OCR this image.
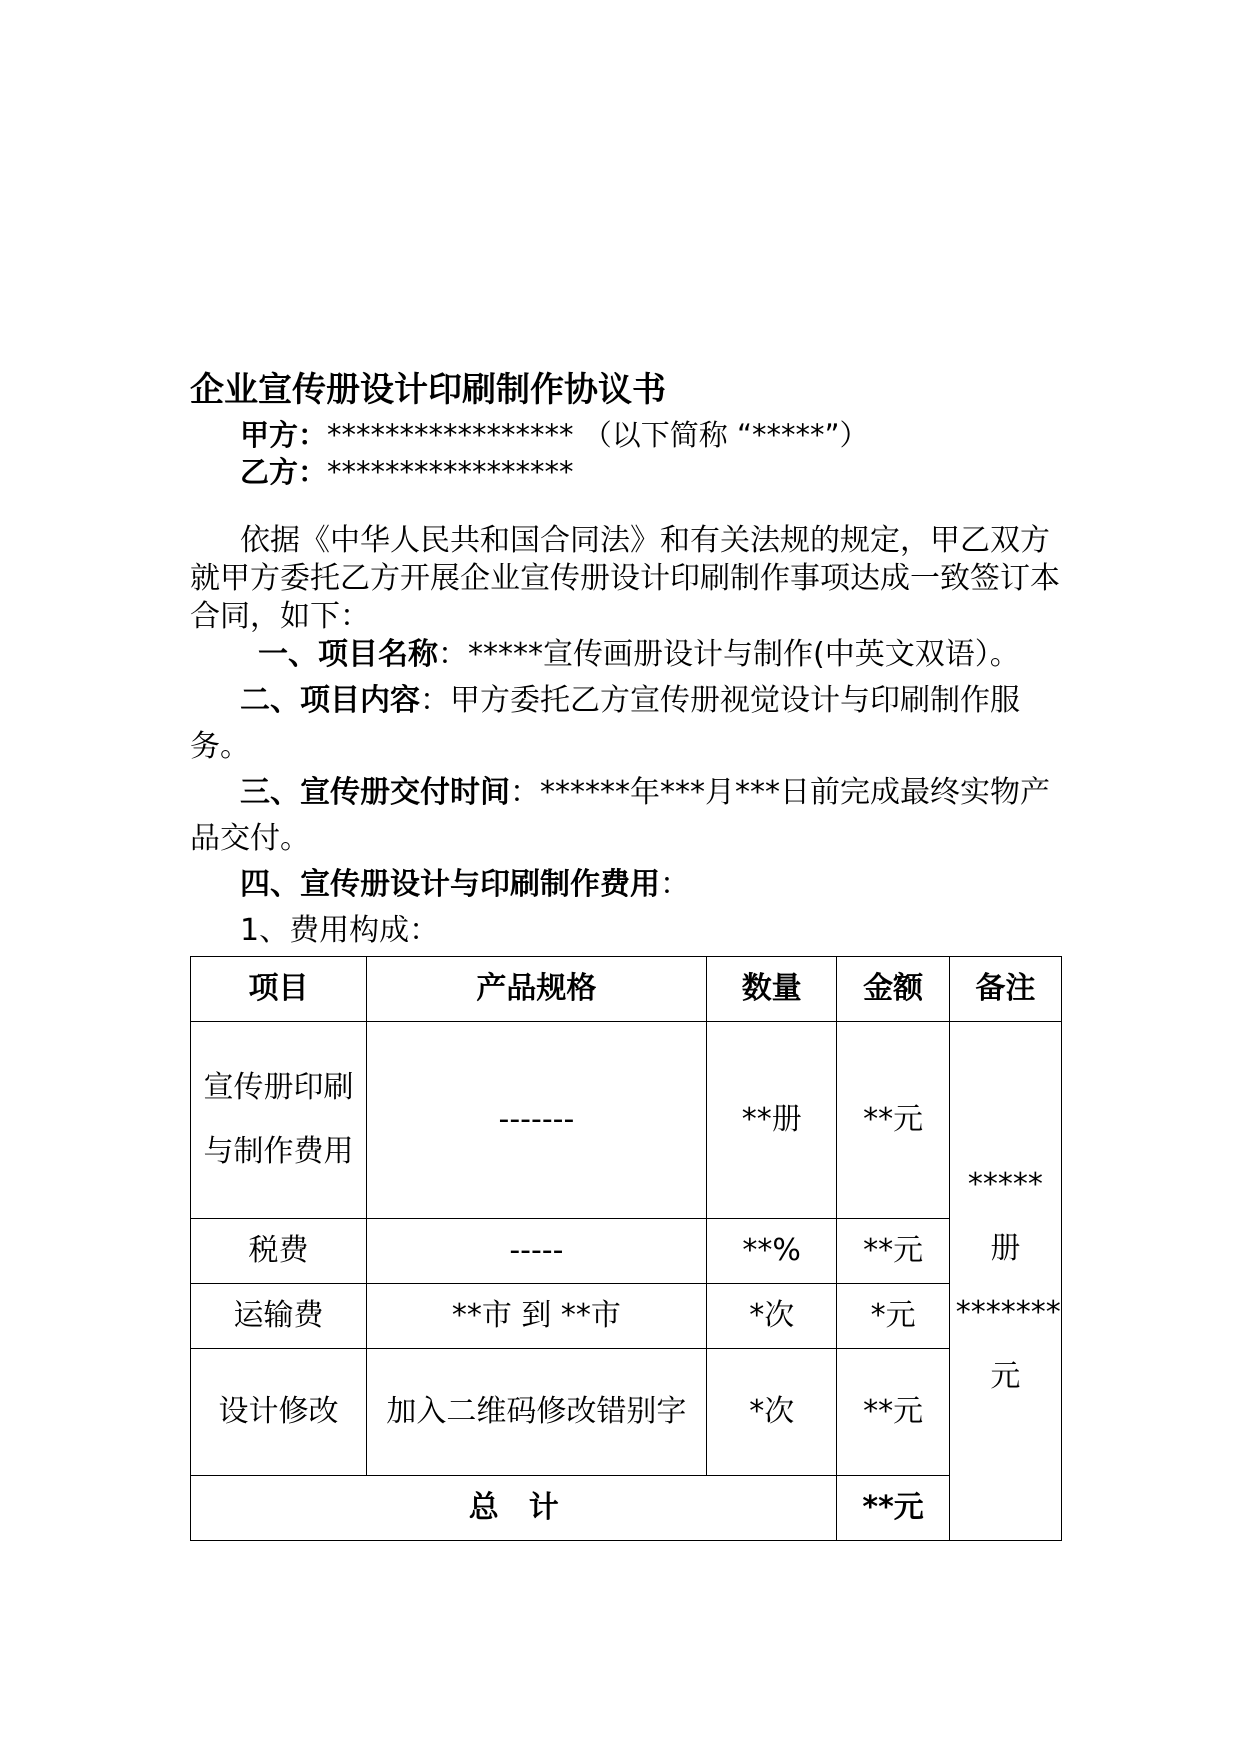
企业宣传册设计印刷制作协议书
甲方：***************** （以下简称 “*****”）
乙方：*****************
依据《中华人民共和国合同法》和有关法规的规定，甲乙双方就甲方委托乙方开展企业宣传册设计印刷制作事项达成一致签订本合同，如下：
一、项目名称：*****宣传画册设计与制作(中英文双语）。
二、项目内容：甲方委托乙方宣传册视觉设计与印刷制作服务。
三、宣传册交付时间：******年***月***日前完成最终实物产品交付。
四、宣传册设计与印刷制作费用：
1、费用构成：
项目	产品规格	数量	金额	备注
宣传册印刷与制作费用	-------	**册	**元	*****册*******元
税费	-----	**%	**元	
运输费	**市 到 **市	*次	*元	
设计修改	加入二维码修改错别字	*次	**元	
总　计			**元	
